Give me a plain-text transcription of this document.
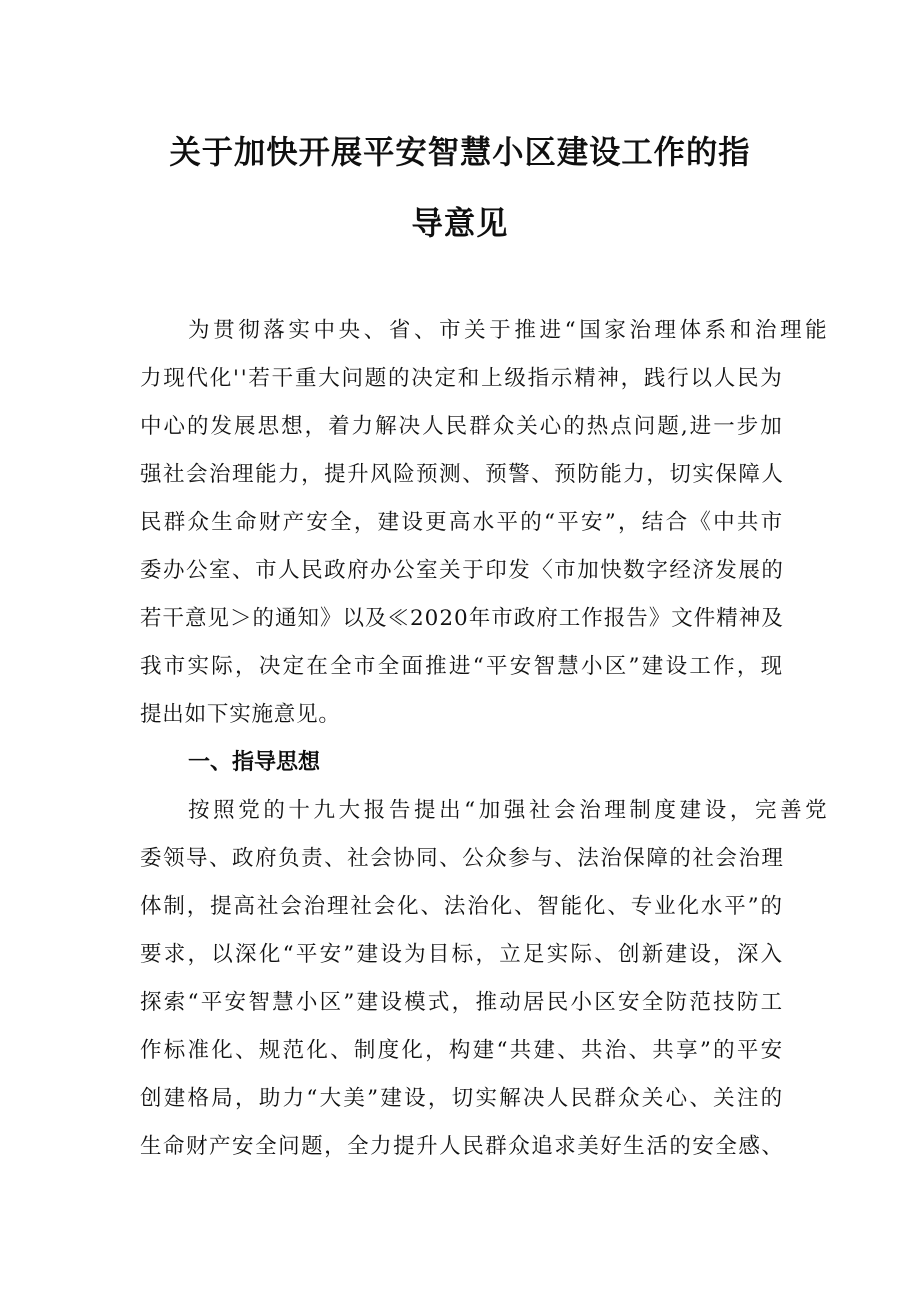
关于加快开展平安智慧小区建设工作的指
导意见
为贯彻落实中央、省、市关于推进“国家治理体系和治理能
力现代化''若干重大问题的决定和上级指示精神，践行以人民为
中心的发展思想，着力解决人民群众关心的热点问题,进一步加
强社会治理能力，提升风险预测、预警、预防能力，切实保障人
民群众生命财产安全，建设更高水平的“平安”，结合《中共市
委办公室、市人民政府办公室关于印发〈市加快数字经济发展的
若干意见＞的通知》以及≪2020年市政府工作报告》文件精神及
我市实际，决定在全市全面推进“平安智慧小区”建设工作，现
提出如下实施意见。
一、指导思想
按照党的十九大报告提出“加强社会治理制度建设，完善党
委领导、政府负责、社会协同、公众参与、法治保障的社会治理
体制，提高社会治理社会化、法治化、智能化、专业化水平”的
要求，以深化“平安”建设为目标，立足实际、创新建设，深入
探索“平安智慧小区”建设模式，推动居民小区安全防范技防工
作标准化、规范化、制度化，构建“共建、共治、共享”的平安
创建格局，助力“大美”建设，切实解决人民群众关心、关注的
生命财产安全问题，全力提升人民群众追求美好生活的安全感、
